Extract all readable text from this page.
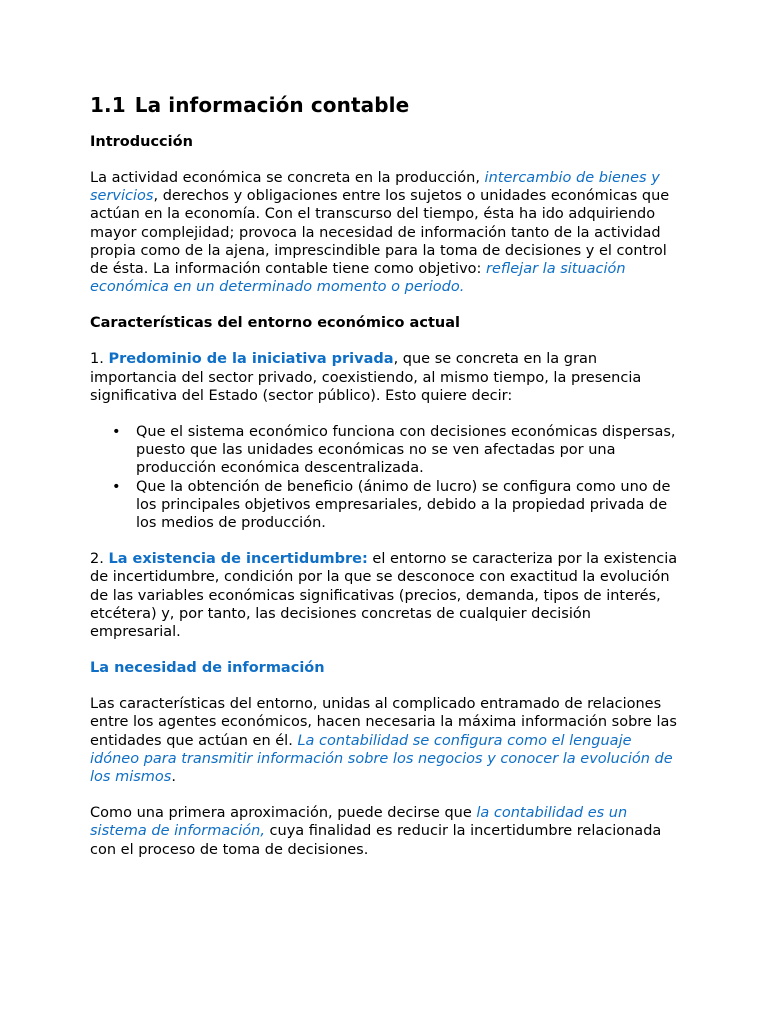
1.1 La información contable
Introducción

La actividad económica se concreta en la producción, intercambio de bienes y servicios, derechos y obligaciones entre los sujetos o unidades económicas que actúan en la economía. Con el transcurso del tiempo, ésta ha ido adquiriendo mayor complejidad; provoca la necesidad de información tanto de la actividad propia como de la ajena, imprescindible para la toma de decisiones y el control de ésta. La información contable tiene como objetivo: reflejar la situación económica en un determinado momento o periodo.

Características del entorno económico actual

1. Predominio de la iniciativa privada, que se concreta en la gran importancia del sector privado, coexistiendo, al mismo tiempo, la presencia significativa del Estado (sector público). Esto quiere decir:

• Que el sistema económico funciona con decisiones económicas dispersas, puesto que las unidades económicas no se ven afectadas por una producción económica descentralizada.
• Que la obtención de beneficio (ánimo de lucro) se configura como uno de los principales objetivos empresariales, debido a la propiedad privada de los medios de producción.

2. La existencia de incertidumbre: el entorno se caracteriza por la existencia de incertidumbre, condición por la que se desconoce con exactitud la evolución de las variables económicas significativas (precios, demanda, tipos de interés, etcétera) y, por tanto, las decisiones concretas de cualquier decisión empresarial.

La necesidad de información

Las características del entorno, unidas al complicado entramado de relaciones entre los agentes económicos, hacen necesaria la máxima información sobre las entidades que actúan en él. La contabilidad se configura como el lenguaje idóneo para transmitir información sobre los negocios y conocer la evolución de los mismos.

Como una primera aproximación, puede decirse que la contabilidad es un sistema de información, cuya finalidad es reducir la incertidumbre relacionada con el proceso de toma de decisiones.
